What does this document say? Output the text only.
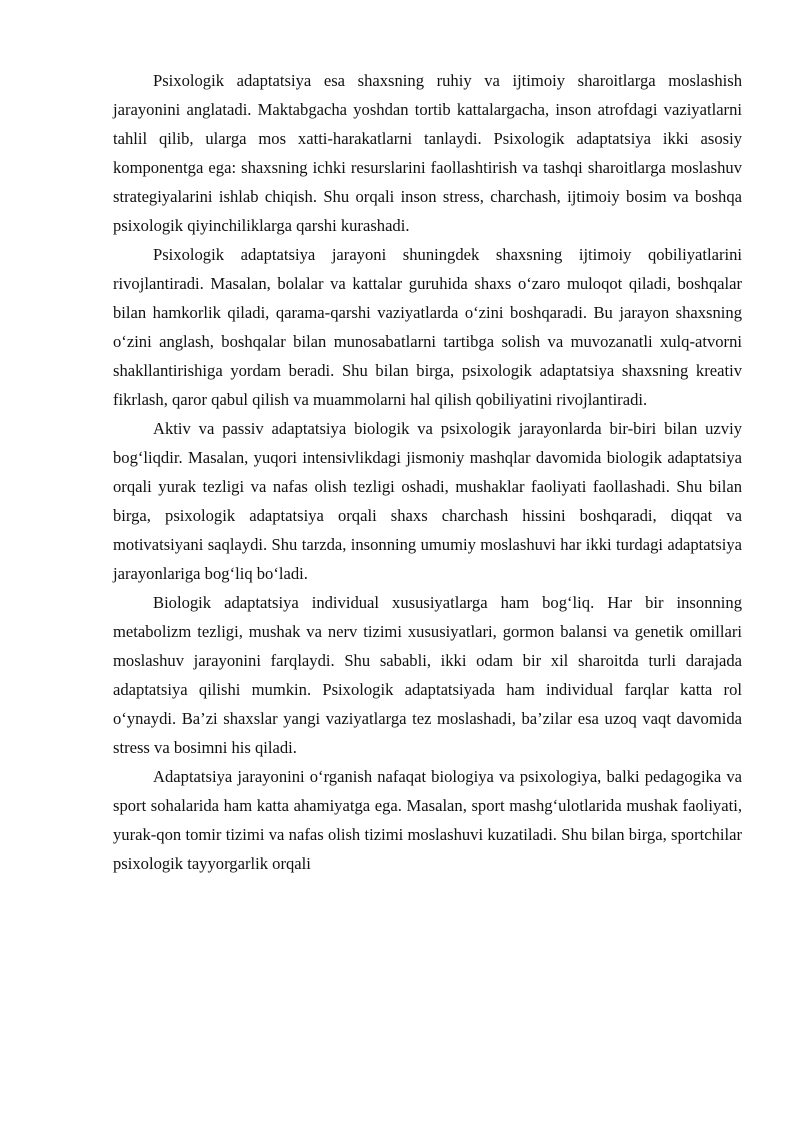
Psixologik adaptatsiya esa shaxsning ruhiy va ijtimoiy sharoitlarga moslashish jarayonini anglatadi. Maktabgacha yoshdan tortib kattalargacha, inson atrofdagi vaziyatlarni tahlil qilib, ularga mos xatti-harakatlarni tanlaydi. Psixologik adaptatsiya ikki asosiy komponentga ega: shaxsning ichki resurslarini faollashtirish va tashqi sharoitlarga moslashuv strategiyalarini ishlab chiqish. Shu orqali inson stress, charchash, ijtimoiy bosim va boshqa psixologik qiyinchiliklarga qarshi kurashadi.

Psixologik adaptatsiya jarayoni shuningdek shaxsning ijtimoiy qobiliyatlarini rivojlantiradi. Masalan, bolalar va kattalar guruhida shaxs o‘zaro muloqot qiladi, boshqalar bilan hamkorlik qiladi, qarama-qarshi vaziyatlarda o‘zini boshqaradi. Bu jarayon shaxsning o‘zini anglash, boshqalar bilan munosabatlarni tartibga solish va muvozanatli xulq-atvorni shakllantirishiga yordam beradi. Shu bilan birga, psixologik adaptatsiya shaxsning kreativ fikrlash, qaror qabul qilish va muammolarni hal qilish qobiliyatini rivojlantiradi.

Aktiv va passiv adaptatsiya biologik va psixologik jarayonlarda bir-biri bilan uzviy bog‘liqdir. Masalan, yuqori intensivlikdagi jismoniy mashqlar davomida biologik adaptatsiya orqali yurak tezligi va nafas olish tezligi oshadi, mushaklar faoliyati faollashadi. Shu bilan birga, psixologik adaptatsiya orqali shaxs charchash hissini boshqaradi, diqqat va motivatsiyani saqlaydi. Shu tarzda, insonning umumiy moslashuvi har ikki turdagi adaptatsiya jarayonlariga bog‘liq bo‘ladi.

Biologik adaptatsiya individual xususiyatlarga ham bog‘liq. Har bir insonning metabolizm tezligi, mushak va nerv tizimi xususiyatlari, gormon balansi va genetik omillari moslashuv jarayonini farqlaydi. Shu sababli, ikki odam bir xil sharoitda turli darajada adaptatsiya qilishi mumkin. Psixologik adaptatsiyada ham individual farqlar katta rol o‘ynaydi. Ba’zi shaxslar yangi vaziyatlarga tez moslashadi, ba’zilar esa uzoq vaqt davomida stress va bosimni his qiladi.

Adaptatsiya jarayonini o‘rganish nafaqat biologiya va psixologiya, balki pedagogika va sport sohalarida ham katta ahamiyatga ega. Masalan, sport mashg‘ulotlarida mushak faoliyati, yurak-qon tomir tizimi va nafas olish tizimi moslashuvi kuzatiladi. Shu bilan birga, sportchilar psixologik tayyorgarlik orqali
